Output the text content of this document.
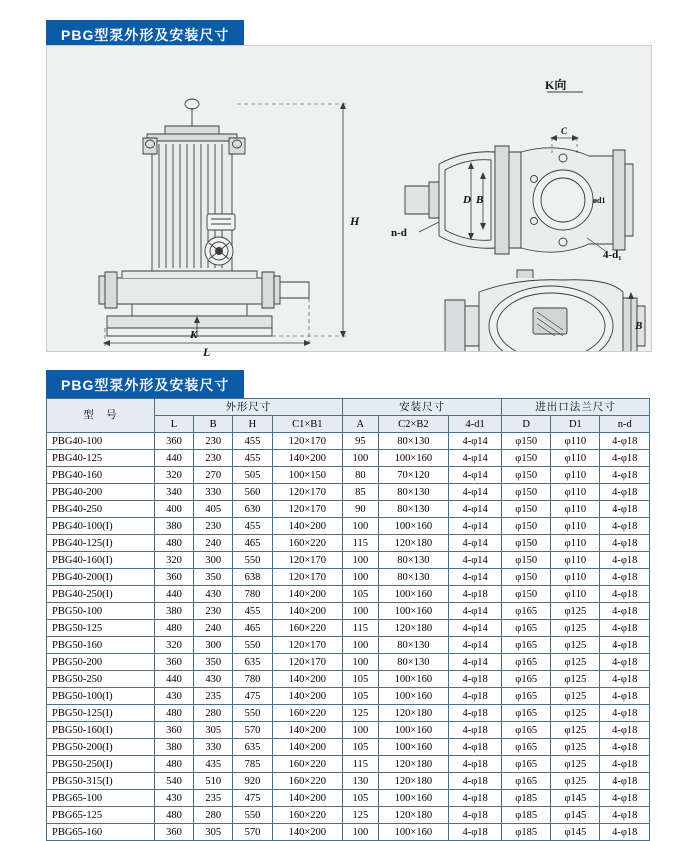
PBG型泵外形及安装尺寸
K向
H
L
K
n-d
4-d₁
B
D
B
C
ød1
PBG型泵外形及安装尺寸
型　号	外形尺寸				安装尺寸			进出口法兰尺寸		
	L	B	H	C1×B1	A	C2×B2	4-d1	D	D1	n-d
PBG40-100	360	230	455	120×170	95	80×130	4-φ14	φ150	φ110	4-φ18
PBG40-125	440	230	455	140×200	100	100×160	4-φ14	φ150	φ110	4-φ18
PBG40-160	320	270	505	100×150	80	70×120	4-φ14	φ150	φ110	4-φ18
PBG40-200	340	330	560	120×170	85	80×130	4-φ14	φ150	φ110	4-φ18
PBG40-250	400	405	630	120×170	90	80×130	4-φ14	φ150	φ110	4-φ18
PBG40-100(I)	380	230	455	140×200	100	100×160	4-φ14	φ150	φ110	4-φ18
PBG40-125(I)	480	240	465	160×220	115	120×180	4-φ14	φ150	φ110	4-φ18
PBG40-160(I)	320	300	550	120×170	100	80×130	4-φ14	φ150	φ110	4-φ18
PBG40-200(I)	360	350	638	120×170	100	80×130	4-φ14	φ150	φ110	4-φ18
PBG40-250(I)	440	430	780	140×200	105	100×160	4-φ18	φ150	φ110	4-φ18
PBG50-100	380	230	455	140×200	100	100×160	4-φ14	φ165	φ125	4-φ18
PBG50-125	480	240	465	160×220	115	120×180	4-φ14	φ165	φ125	4-φ18
PBG50-160	320	300	550	120×170	100	80×130	4-φ14	φ165	φ125	4-φ18
PBG50-200	360	350	635	120×170	100	80×130	4-φ14	φ165	φ125	4-φ18
PBG50-250	440	430	780	140×200	105	100×160	4-φ18	φ165	φ125	4-φ18
PBG50-100(I)	430	235	475	140×200	105	100×160	4-φ18	φ165	φ125	4-φ18
PBG50-125(I)	480	280	550	160×220	125	120×180	4-φ18	φ165	φ125	4-φ18
PBG50-160(I)	360	305	570	140×200	100	100×160	4-φ18	φ165	φ125	4-φ18
PBG50-200(I)	380	330	635	140×200	105	100×160	4-φ18	φ165	φ125	4-φ18
PBG50-250(I)	480	435	785	160×220	115	120×180	4-φ18	φ165	φ125	4-φ18
PBG50-315(I)	540	510	920	160×220	130	120×180	4-φ18	φ165	φ125	4-φ18
PBG65-100	430	235	475	140×200	105	100×160	4-φ18	φ185	φ145	4-φ18
PBG65-125	480	280	550	160×220	125	120×180	4-φ18	φ185	φ145	4-φ18
PBG65-160	360	305	570	140×200	100	100×160	4-φ18	φ185	φ145	4-φ18
